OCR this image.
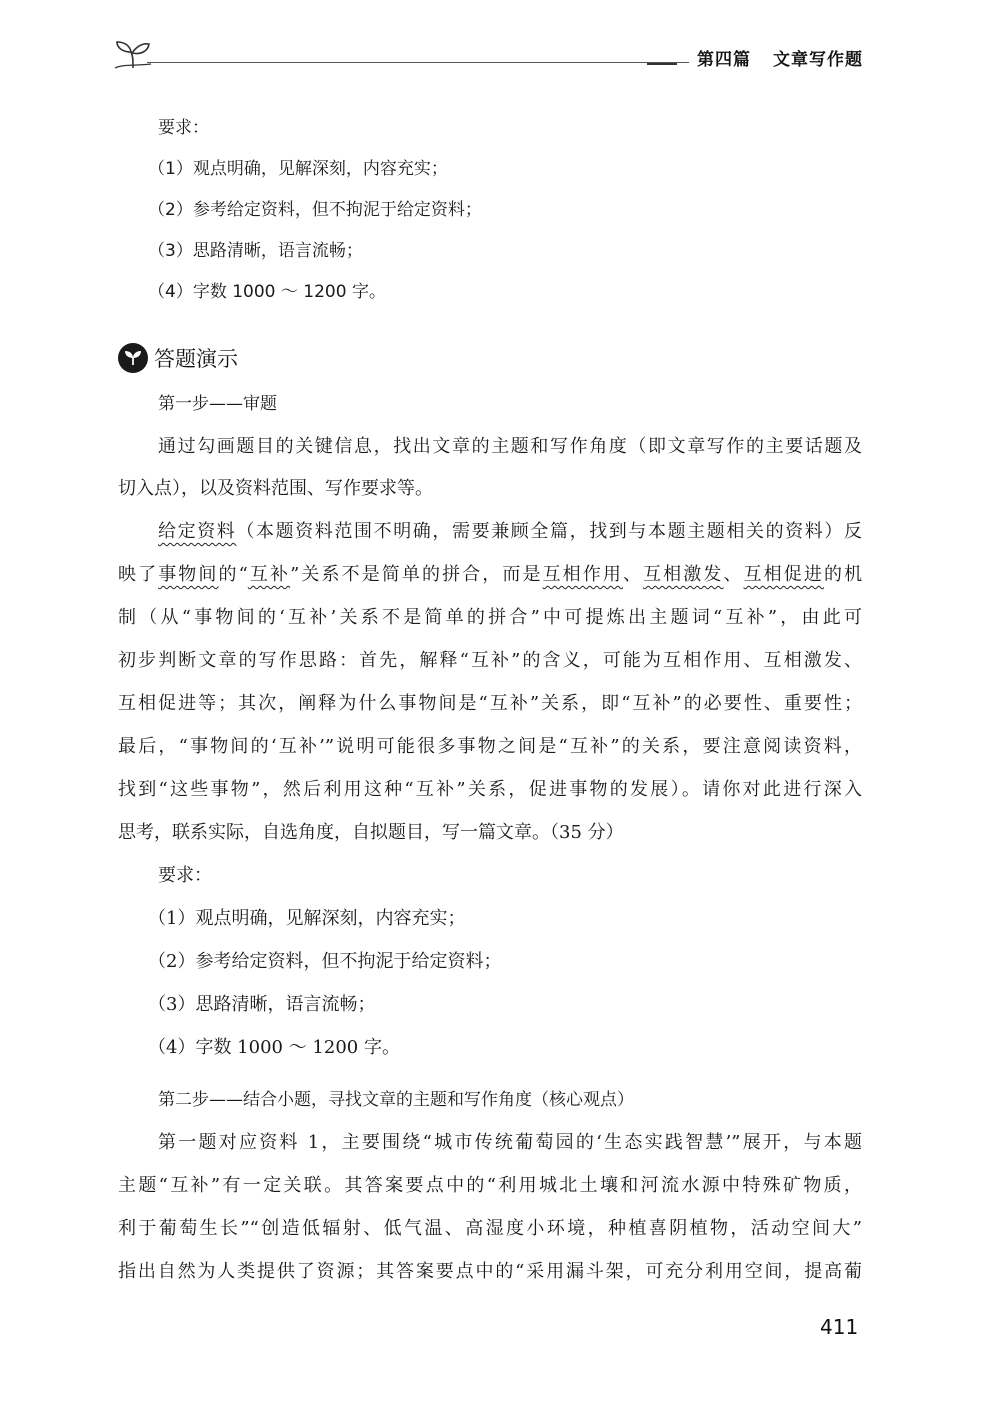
第四篇 文章写作题
要求：
（1）观点明确，见解深刻，内容充实；
（2）参考给定资料，但不拘泥于给定资料；
（3）思路清晰，语言流畅；
（4）字数 1000 ～ 1200 字。
答题演示
第一步——审题
通过勾画题目的关键信息，找出文章的主题和写作角度（即文章写作的主要话题及
切入点），以及资料范围、写作要求等。
给定资料（本题资料范围不明确，需要兼顾全篇，找到与本题主题相关的资料）反
映了事物间的“互补”关系不是简单的拼合，而是互相作用、互相激发、互相促进的机
制（从“事物间的‘互补’关系不是简单的拼合”中可提炼出主题词“互补”，由此可
初步判断文章的写作思路：首先，解释“互补”的含义，可能为互相作用、互相激发、
互相促进等；其次，阐释为什么事物间是“互补”关系，即“互补”的必要性、重要性；
最后，“事物间的‘互补’”说明可能很多事物之间是“互补”的关系，要注意阅读资料，
找到“这些事物”，然后利用这种“互补”关系，促进事物的发展）。请你对此进行深入
思考，联系实际，自选角度，自拟题目，写一篇文章。（35 分）
要求：
（1）观点明确，见解深刻，内容充实；
（2）参考给定资料，但不拘泥于给定资料；
（3）思路清晰，语言流畅；
（4）字数 1000 ～ 1200 字。
第二步——结合小题，寻找文章的主题和写作角度（核心观点）
第一题对应资料 1，主要围绕“城市传统葡萄园的‘生态实践智慧’”展开，与本题
主题“互补”有一定关联。其答案要点中的“利用城北土壤和河流水源中特殊矿物质，
利于葡萄生长”“创造低辐射、低气温、高湿度小环境，种植喜阴植物，活动空间大”
指出自然为人类提供了资源；其答案要点中的“采用漏斗架，可充分利用空间，提高葡
411
